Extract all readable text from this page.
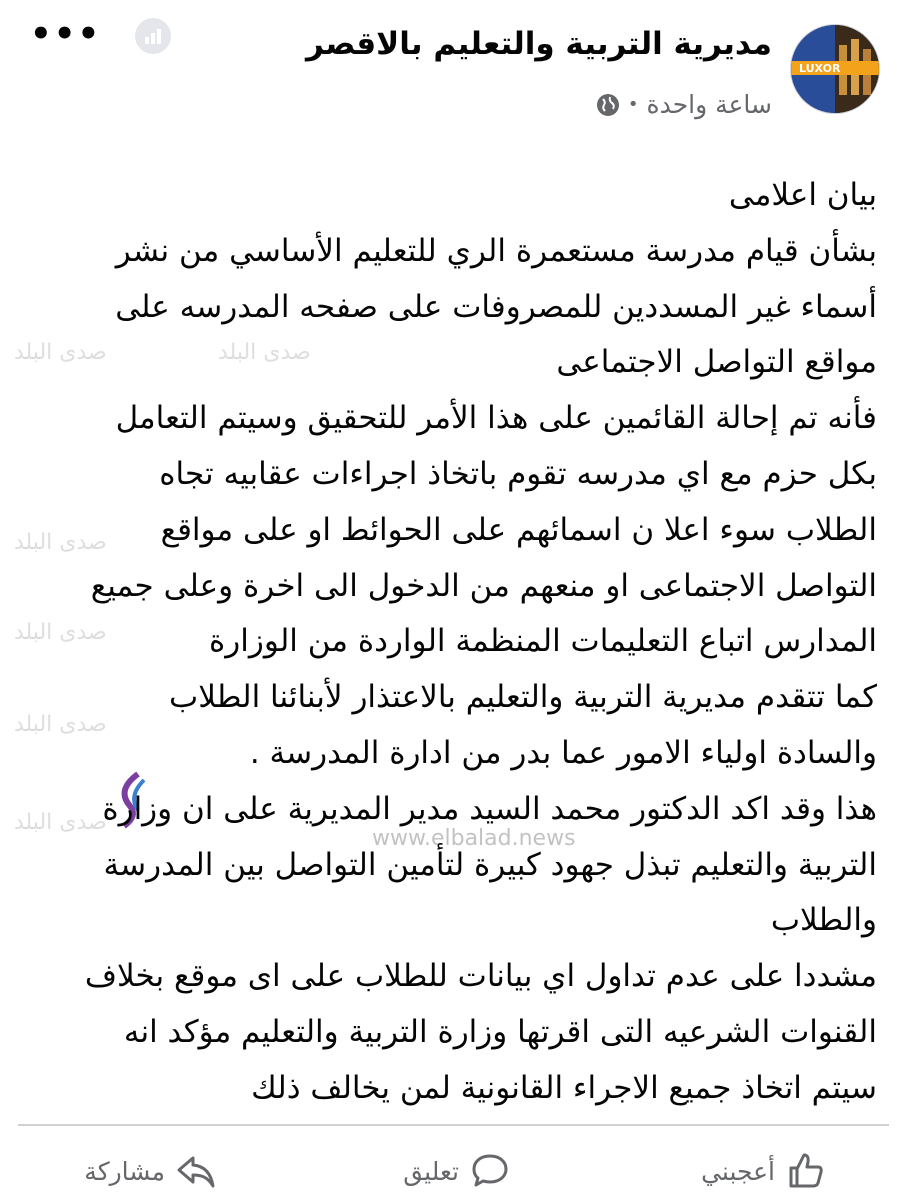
LUXOR
مديرية التربية والتعليم بالاقصر
ساعة واحدة
•
•••
صدى البلد	صدى البلد
صدى البلد
صدى البلد
صدى البلد
صدى البلد
www.elbalad.news
بيان اعلامى
بشأن قيام مدرسة مستعمرة الري للتعليم الأساسي من نشر
أسماء غير المسددين للمصروفات على صفحه المدرسه على
مواقع التواصل الاجتماعى
فأنه تم إحالة القائمين على هذا الأمر للتحقيق وسيتم التعامل
بكل حزم مع اي مدرسه تقوم باتخاذ اجراءات عقابيه تجاه
الطلاب سوء اعلا ن اسمائهم على الحوائط او على مواقع
التواصل الاجتماعى او منعهم من الدخول الى اخرة وعلى جميع
المدارس اتباع التعليمات المنظمة الواردة من الوزارة
كما تتقدم مديرية التربية والتعليم بالاعتذار لأبنائنا الطلاب
والسادة اولياء الامور عما بدر من ادارة المدرسة .
هذا وقد اكد الدكتور محمد السيد مدير المديرية على ان وزارة
التربية والتعليم تبذل جهود كبيرة لتأمين التواصل بين المدرسة
والطلاب
مشددا على عدم تداول اي بيانات للطلاب على اى موقع بخلاف
القنوات الشرعيه التى اقرتها وزارة التربية والتعليم مؤكد انه
سيتم اتخاذ جميع الاجراء القانونية لمن يخالف ذلك
أعجبني
تعليق
مشاركة
